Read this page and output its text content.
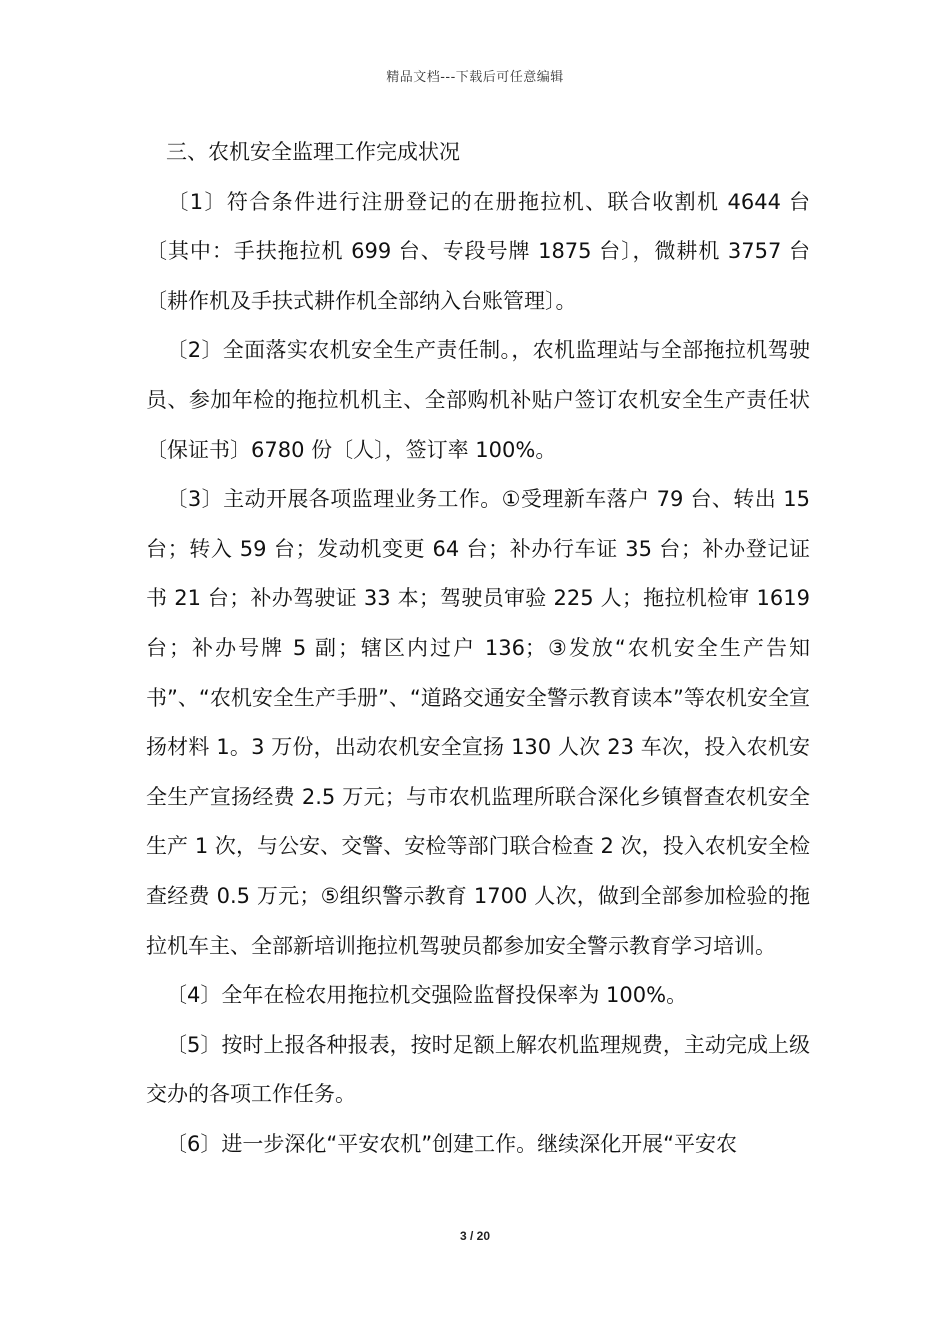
精品文档---下载后可任意编辑

三、农机安全监理工作完成状况

〔1〕符合条件进行注册登记的在册拖拉机、联合收割机 4644 台〔其中：手扶拖拉机 699 台、专段号牌 1875 台〕，微耕机 3757 台〔耕作机及手扶式耕作机全部纳入台账管理〕。

〔2〕全面落实农机安全生产责任制。，农机监理站与全部拖拉机驾驶员、参加年检的拖拉机机主、全部购机补贴户签订农机安全生产责任状〔保证书〕6780 份〔人〕，签订率 100%。

〔3〕主动开展各项监理业务工作。①受理新车落户 79 台、转出 15 台；转入 59 台；发动机变更 64 台；补办行车证 35 台；补办登记证书 21 台；补办驾驶证 33 本；驾驶员审验 225 人；拖拉机检审 1619 台；补办号牌 5 副；辖区内过户 136；③发放“农机安全生产告知书”、“农机安全生产手册”、“道路交通安全警示教育读本”等农机安全宣扬材料 1。3 万份，出动农机安全宣扬 130 人次 23 车次，投入农机安全生产宣扬经费 2.5 万元；与市农机监理所联合深化乡镇督查农机安全生产 1 次，与公安、交警、安检等部门联合检查 2 次，投入农机安全检查经费 0.5 万元；⑤组织警示教育 1700 人次，做到全部参加检验的拖拉机车主、全部新培训拖拉机驾驶员都参加安全警示教育学习培训。

〔4〕全年在检农用拖拉机交强险监督投保率为 100%。

〔5〕按时上报各种报表，按时足额上解农机监理规费，主动完成上级交办的各项工作任务。

〔6〕进一步深化“平安农机”创建工作。继续深化开展“平安农

3 / 20
